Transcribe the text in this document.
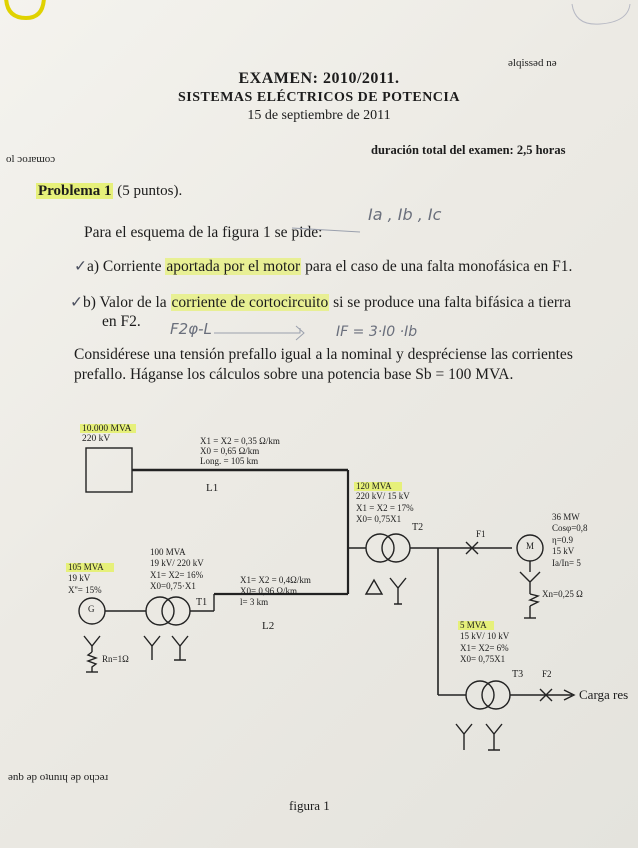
EXAMEN: 2010/2011.
SISTEMAS ELÉCTRICOS DE POTENCIA
15 de septiembre de 2011
duración total del examen: 2,5 horas
Problema 1 (5 puntos).
Para el esquema de la figura 1 se pide:
Ia , Ib , Ic
✓a) Corriente aportada por el motor para el caso de una falta monofásica en F1.
✓b) Valor de la corriente de cortocircuito si se produce una falta bifásica a tierra
en F2. F2φ-L	IF = 3·I0 ·Ib
Considérese una tensión prefallo igual a la nominal y despréciense las corrientes
prefallo. Háganse los cálculos sobre una potencia base Sb = 100 MVA.
ǝlqissǝd nǝ
ol ɔoɹɐɯoɔ
ǝnb ǝp oʇunıɥ ǝp oɥɔǝɹ
10.000 MVA
220 kV	X1 = X2 = 0,35 Ω/km
X0 = 0,65 Ω/km
Long. = 105 km
L1	120 MVA
220 kV/ 15 kV
X1 = X2 = 17%
X0= 0,75X1
T2
F1
M
36 MW
Cosφ=0,8
η=0.9
15 kV
Ia/In= 5
Xn=0,25 Ω
100 MVA
19 kV/ 220 kV
X1= X2= 16%
X0=0,75·X1
T1
105 MVA
19 kV
X''= 15%
G
Rn=1Ω
X1= X2 = 0,4Ω/km
X0= 0,96 Ω/km
l= 3 km
L2	5 MVA
15 kV/ 10 kV
X1= X2= 6%
X0= 0,75X1
T3 F2
Carga res
figura 1
